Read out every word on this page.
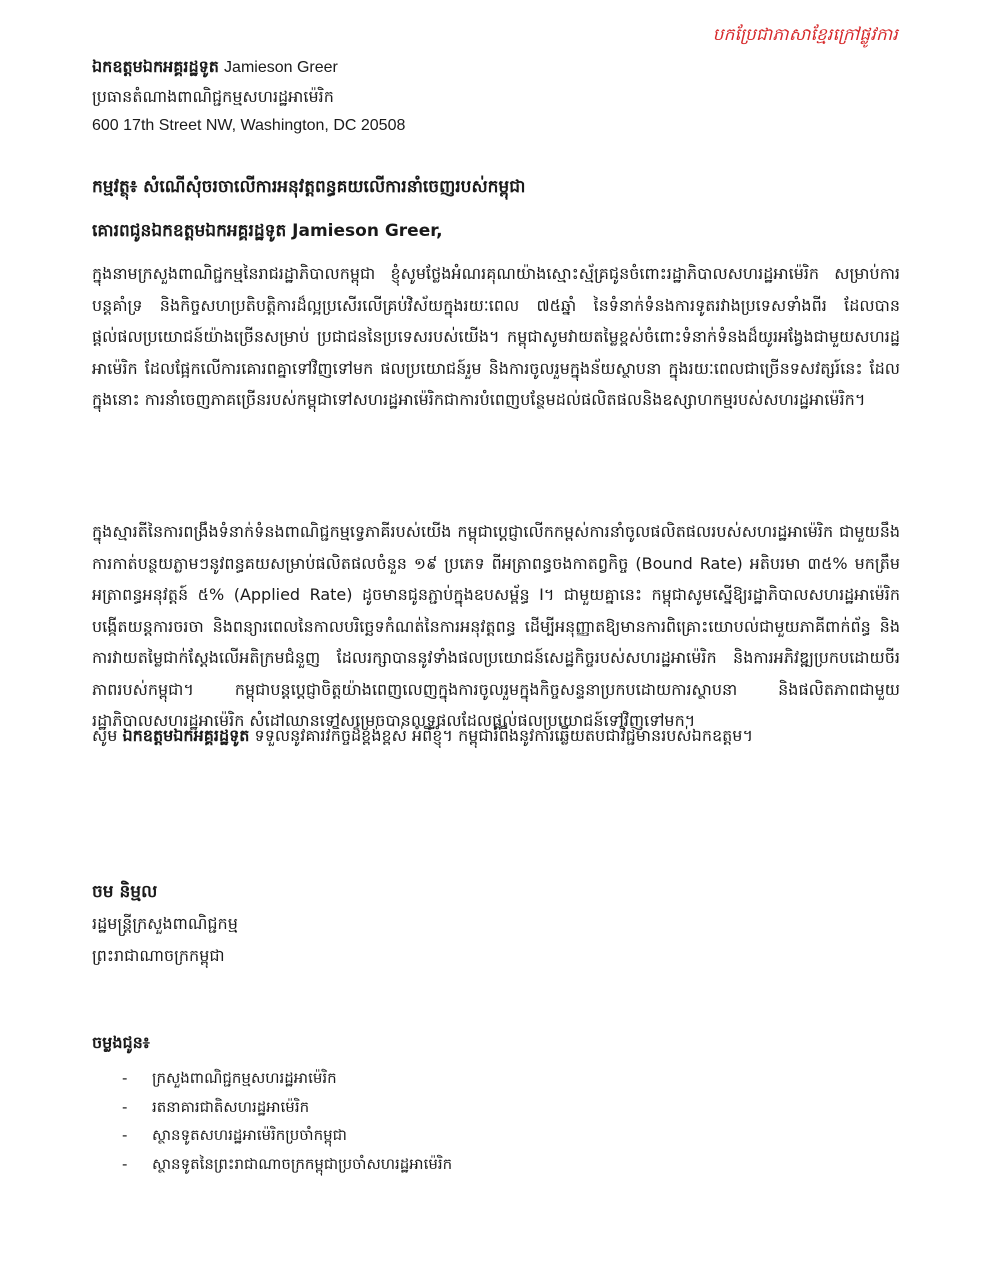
បកប្រែជាភាសាខ្មែរក្រៅផ្លូវការ
ឯកឧត្តមឯកអគ្គរដ្ឋទូត Jamieson Greer
ប្រធានតំណាងពាណិជ្ជកម្មសហរដ្ឋអាម៉េរិក
600 17th Street NW, Washington, DC 20508
កម្មវត្ថុ៖ សំណើសុំចរចាលើការអនុវត្តពន្ធគយលើការនាំចេញរបស់កម្ពុជា
គោរពជូនឯកឧត្តមឯកអគ្គរដ្ឋទូត Jamieson Greer,
ក្នុងនាមក្រសួងពាណិជ្ជកម្មនៃរាជរដ្ឋាភិបាលកម្ពុជា ខ្ញុំសូមថ្លែងអំណរគុណយ៉ាងស្មោះស្ម័គ្រជូនចំពោះរដ្ឋាភិបាលសហរដ្ឋអាម៉េរិក សម្រាប់ការបន្តគាំទ្រ និងកិច្ចសហប្រតិបត្តិការដ៏ល្អប្រសើរលើគ្រប់វិស័យក្នុងរយៈពេល ៧៥ឆ្នាំ នៃទំនាក់ទំនងការទូតរវាងប្រទេសទាំងពីរ ដែលបានផ្តល់ផលប្រយោជន៍យ៉ាងច្រើនសម្រាប់ ប្រជាជននៃប្រទេសរបស់យើង។ កម្ពុជាសូមវាយតម្លៃខ្ពស់ចំពោះទំនាក់ទំនងដ៏យូរអង្វែងជាមួយសហរដ្ឋអាម៉េរិក ដែលផ្អែកលើការគោរពគ្នាទៅវិញទៅមក ផលប្រយោជន៍រួម និងការចូលរួមក្នុងន័យស្ថាបនា ក្នុងរយៈពេលជាច្រើនទសវត្សរ៍នេះ ដែលក្នុងនោះ ការនាំចេញភាគច្រើនរបស់កម្ពុជាទៅសហរដ្ឋអាម៉េរិកជាការបំពេញបន្ថែមដល់ផលិតផលនិងឧស្សាហកម្មរបស់សហរដ្ឋអាម៉េរិក។
ក្នុងស្មារតីនៃការពង្រឹងទំនាក់ទំនងពាណិជ្ជកម្មទ្វេភាគីរបស់យើង កម្ពុជាប្តេជ្ញាលើកកម្ពស់ការនាំចូលផលិតផលរបស់សហរដ្ឋអាម៉េរិក ជាមួយនឹងការកាត់បន្ថយភ្លាមៗនូវពន្ធគយសម្រាប់ផលិតផលចំនួន ១៩ ប្រភេទ ពីអត្រាពន្ធចងកាតព្វកិច្ច (Bound Rate) អតិបរមា ៣៥% មកត្រឹមអត្រាពន្ធអនុវត្តន៍ ៥% (Applied Rate) ដូចមានជូនភ្ជាប់ក្នុងឧបសម្ព័ន្ធ I។ ជាមួយគ្នានេះ កម្ពុជាសូមស្នើឱ្យរដ្ឋាភិបាលសហរដ្ឋអាម៉េរិក បង្កើតយន្តការចរចា និងពន្យារពេលនៃកាលបរិច្ឆេទកំណត់នៃការអនុវត្តពន្ធ ដើម្បីអនុញ្ញាតឱ្យមានការពិគ្រោះយោបល់ជាមួយភាគីពាក់ព័ន្ធ និងការវាយតម្លៃជាក់ស្តែងលើអតិក្រមជំនួញ ដែលរក្សាបាននូវទាំងផលប្រយោជន៍សេដ្ឋកិច្ចរបស់សហរដ្ឋអាម៉េរិក និងការអភិវឌ្ឍប្រកបដោយចីរភាពរបស់កម្ពុជា។ កម្ពុជាបន្តប្តេជ្ញាចិត្តយ៉ាងពេញលេញក្នុងការចូលរួមក្នុងកិច្ចសន្ទនាប្រកបដោយការស្ថាបនា និងផលិតភាពជាមួយរដ្ឋាភិបាលសហរដ្ឋអាម៉េរិក សំដៅឈានទៅសម្រេចបានលទ្ធផលដែលផ្តល់ផលប្រយោជន៍ទៅវិញទៅមក។
សូម ឯកឧត្តមឯកអគ្គរដ្ឋទូត ទទួលនូវគារវកិច្ចដ៏ខ្ពង់ខ្ពស់ អំពីខ្ញុំ។ កម្ពុជារំពឹងនូវការឆ្លើយតបជាវិជ្ជមានរបស់ឯកឧត្តម។
ចម និម្មល
រដ្ឋមន្ត្រីក្រសួងពាណិជ្ជកម្ម
ព្រះរាជាណាចក្រកម្ពុជា
ចម្លងជូន៖
-	ក្រសួងពាណិជ្ជកម្មសហរដ្ឋអាម៉េរិក
-	រតនាគារជាតិសហរដ្ឋអាម៉េរិក
-	ស្ថានទូតសហរដ្ឋអាម៉េរិកប្រចាំកម្ពុជា
-	ស្ថានទូតនៃព្រះរាជាណាចក្រកម្ពុជាប្រចាំសហរដ្ឋអាម៉េរិក
